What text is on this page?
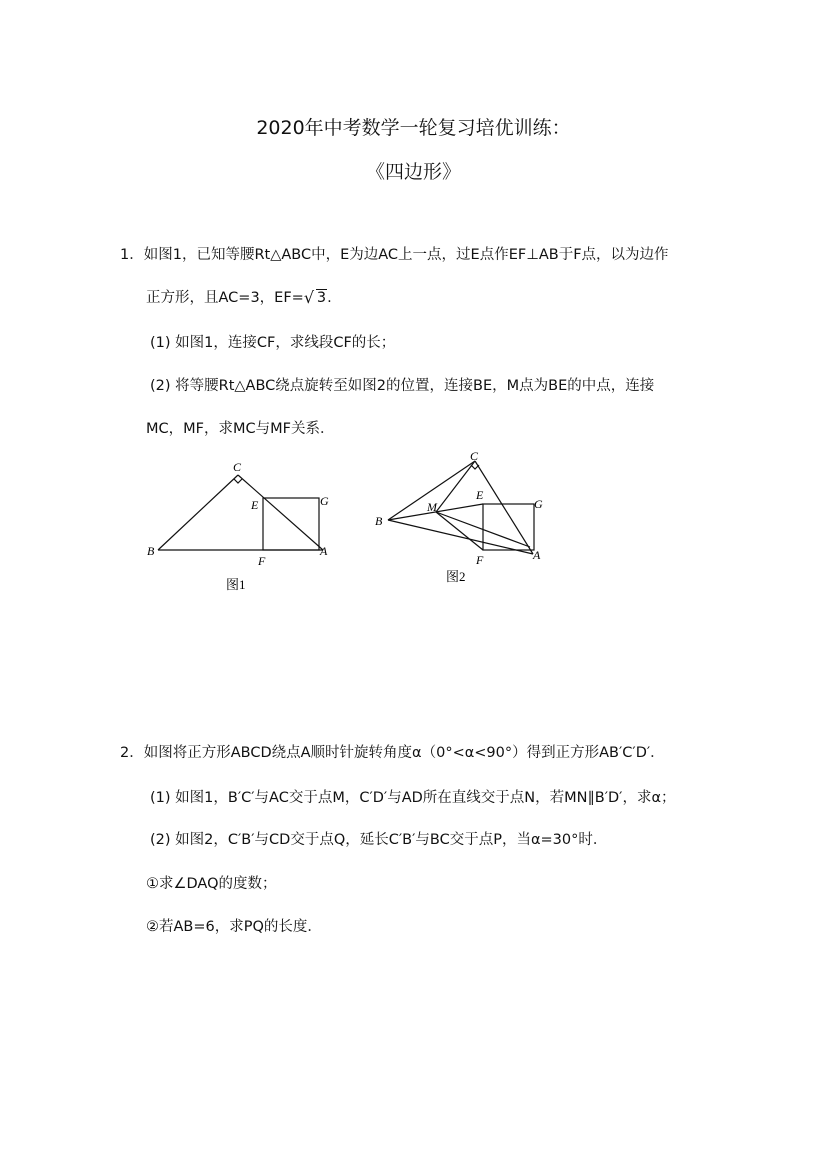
2020年中考数学一轮复习培优训练：
《四边形》
1．如图1，已知等腰Rt△ABC中，E为边AC上一点，过E点作EF⊥AB于F点，以为边作
正方形，且AC=3，EF=√ 3.
(1) 如图1，连接CF，求线段CF的长；
(2) 将等腰Rt△ABC绕点旋转至如图2的位置，连接BE，M点为BE的中点，连接
MC，MF，求MC与MF关系．
C
E	G
B
F
A
图1
C
M
E
G
B
F	A
图2
2．如图将正方形ABCD绕点A顺时针旋转角度α（0°<α<90°）得到正方形AB′C′D′．
(1) 如图1，B′C′与AC交于点M，C′D′与AD所在直线交于点N，若MN∥B′D′，求α；
(2) 如图2，C′B′与CD交于点Q，延长C′B′与BC交于点P，当α=30°时．
①求∠DAQ的度数；
②若AB=6，求PQ的长度．
